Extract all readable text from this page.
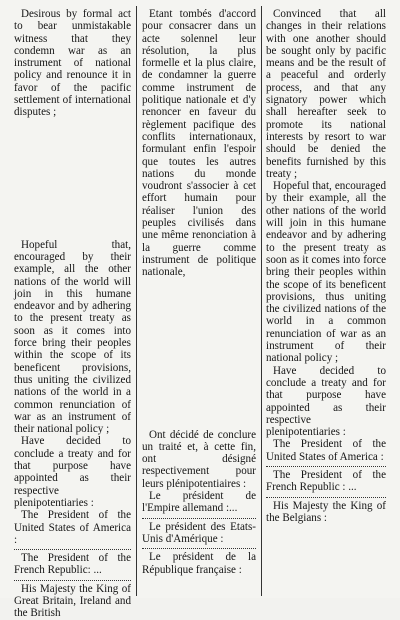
Desirous by formal act to bear unmistakable witness that they condemn war as an instrument of national policy and renounce it in favor of the pacific settlement of international disputes ;

Hopeful that, encouraged by their example, all the other nations of the world will join in this humane endeavor and by adhering to the present treaty as soon as it comes into force bring their peoples within the scope of its beneficent provisions, thus uniting the civilized nations of the world in a common renunciation of war as an instrument of their national policy ;

Have decided to conclude a treaty and for that purpose have appointed as their respective plenipotentiaries :

The President of the United States of America :

The President of the French Republic: ...

His Majesty the King of Great Britain, Ireland and the British

Etant tombés d'accord pour consacrer dans un acte solennel leur résolution, la plus formelle et la plus claire, de condamner la guerre comme instrument de politique nationale et d'y renoncer en faveur du règlement pacifique des conflits internationaux, formulant enfin l'espoir que toutes les autres nations du monde voudront s'associer à cet effort humain pour réaliser l'union des peuples civilisés dans une même renonciation à la guerre comme instrument de politique nationale,

Ont décidé de conclure un traité et, à cette fin, ont désigné respectivement pour leurs plénipotentiaires :

Le président de l'Empire allemand :...

Le président des Etats-Unis d'Amérique :

Le président de la République française :

Convinced that all changes in their relations with one another should be sought only by pacific means and be the result of a peaceful and orderly process, and that any signatory power which shall hereafter seek to promote its national interests by resort to war should be denied the benefits furnished by this treaty ;

Hopeful that, encouraged by their example, all the other nations of the world will join in this humane endeavor and by adhering to the present treaty as soon as it comes into force bring their peoples within the scope of its beneficent provisions, thus uniting the civilized nations of the world in a common renunciation of war as an instrument of their national policy ;

Have decided to conclude a treaty and for that purpose have appointed as their respective plenipotentiaries :

The President of the United States of America :

The President of the French Republic : ...

His Majesty the King of the Belgians :
